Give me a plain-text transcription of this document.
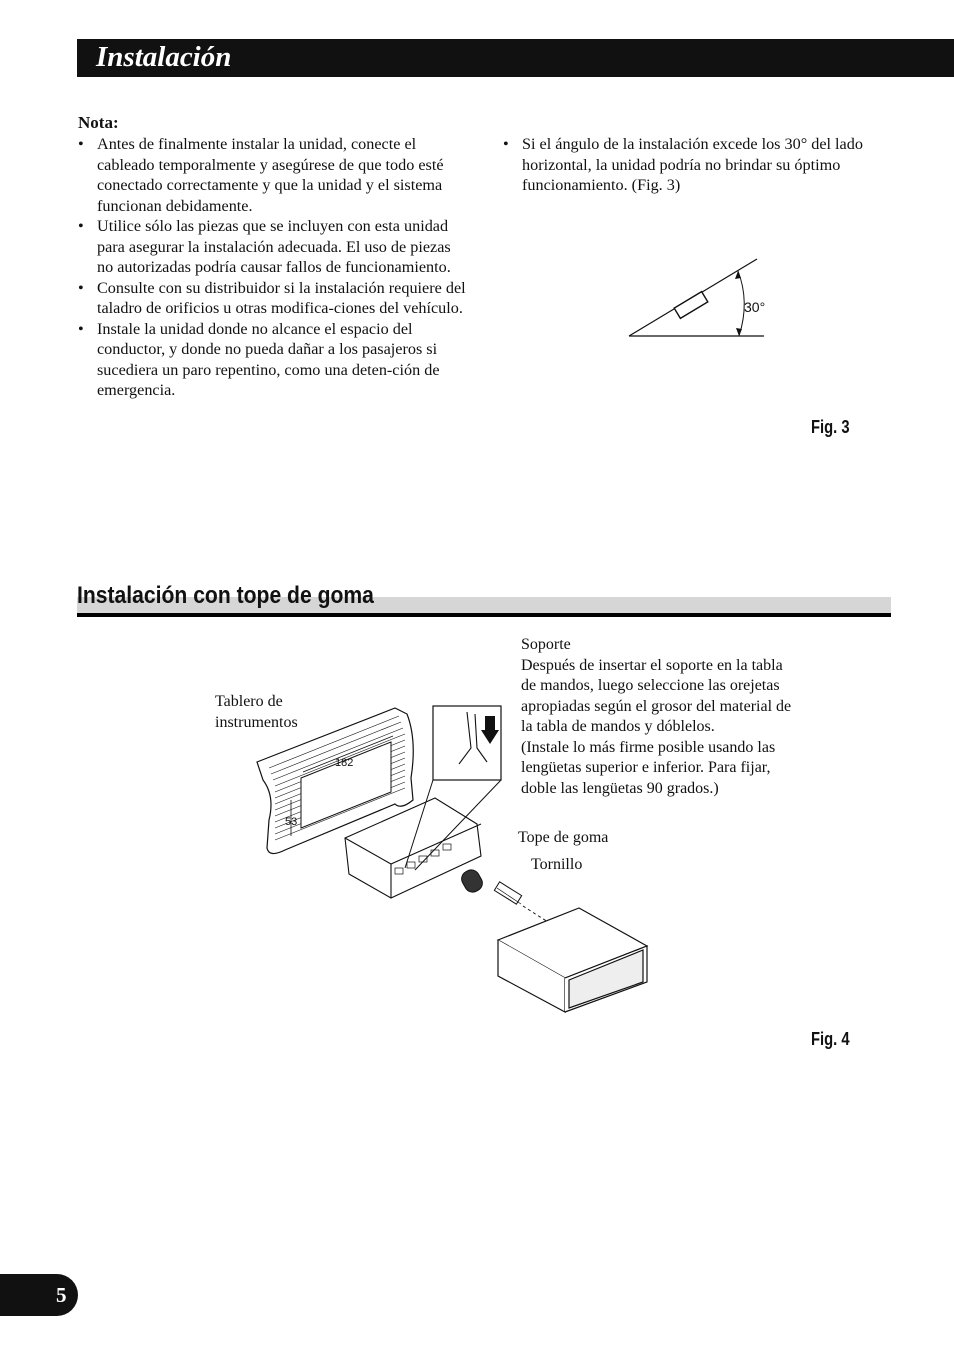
Instalación
Nota:
• Antes de finalmente instalar la unidad, conecte el cableado temporalmente y asegúrese de que todo esté conectado correctamente y que la unidad y el sistema funcionan debidamente.
• Utilice sólo las piezas que se incluyen con esta unidad para asegurar la instalación adecuada. El uso de piezas no autorizadas podría causar fallos de funcionamiento.
• Consulte con su distribuidor si la instalación requiere del taladro de orificios u otras modifica-ciones del vehículo.
• Instale la unidad donde no alcance el espacio del conductor, y donde no pueda dañar a los pasajeros si sucediera un paro repentino, como una deten-ción de emergencia.
• Si el ángulo de la instalación excede los 30° del lado horizontal, la unidad podría no brindar su óptimo funcionamiento. (Fig. 3)
30°
Fig. 3
Instalación con tope de goma
Tablero de
instrumentos
Soporte
Después de insertar el soporte en la tabla
de mandos, luego seleccione las orejetas
apropiadas según el grosor del material de
la tabla de mandos y dóblelos.
(Instale lo más firme posible usando las
lengüetas superior e inferior. Para fijar,
doble las lengüetas 90 grados.)
Tope de goma
Tornillo
182
53
Fig. 4
5
